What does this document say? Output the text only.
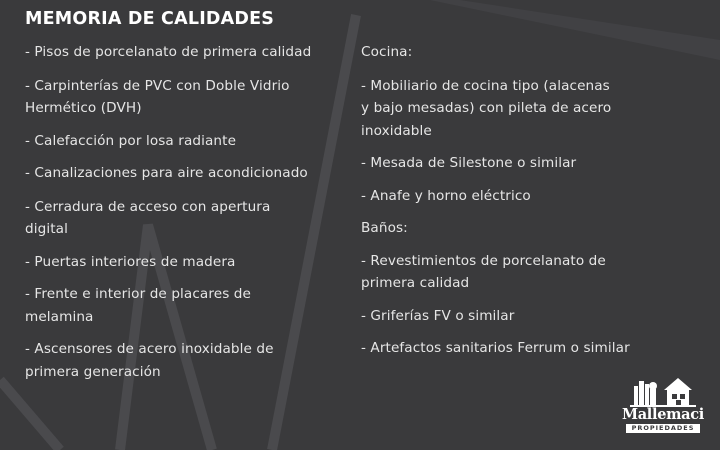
MEMORIA DE CALIDADES

- Pisos de porcelanato de primera calidad

- Carpinterías de PVC con Doble Vidrio
Hermético (DVH)

- Calefacción por losa radiante

- Canalizaciones para aire acondicionado

- Cerradura de acceso con apertura
digital

- Puertas interiores de madera

- Frente e interior de placares de
melamina

- Ascensores de acero inoxidable de
primera generación

Cocina:

- Mobiliario de cocina tipo (alacenas
y bajo mesadas) con pileta de acero
inoxidable

- Mesada de Silestone o similar

- Anafe y horno eléctrico

Baños:

- Revestimientos de porcelanato de
primera calidad

- Griferías FV o similar

- Artefactos sanitarios Ferrum o similar

Mallemaci
PROPIEDADES
